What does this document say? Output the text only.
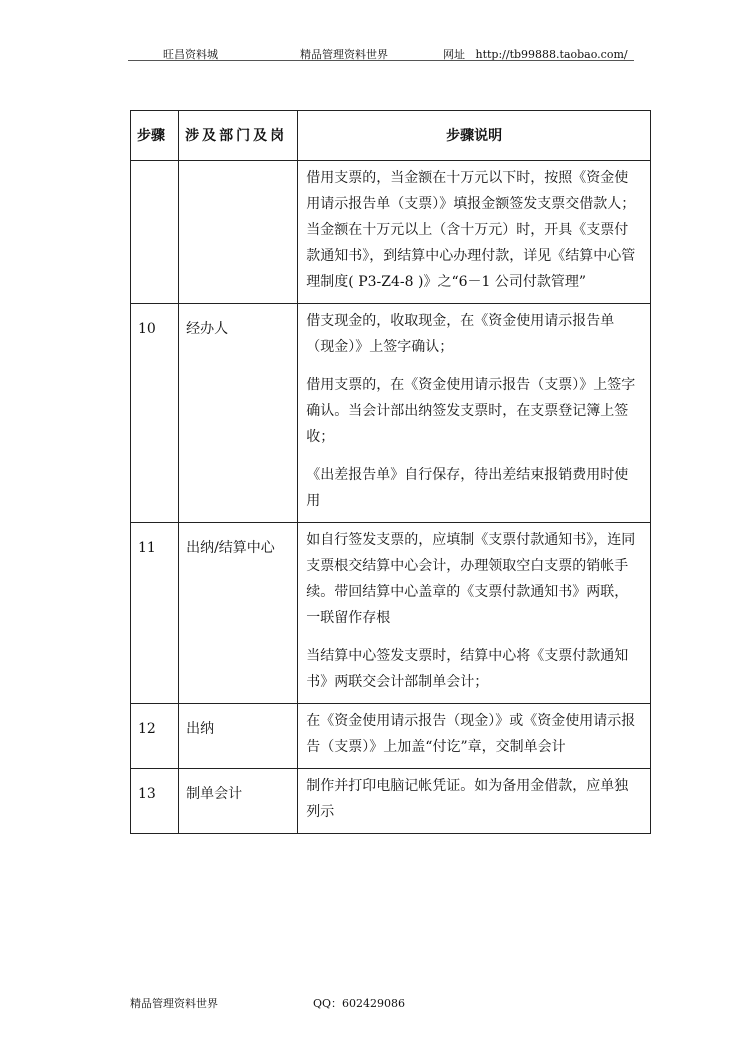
旺昌资料城	精品管理资料世界	网址 http://tb99888.taobao.com/
步骤	涉及部门及岗	步骤说明

		借用支票的，当金额在十万元以下时，按照《资金使用请示报告单（支票）》填报金额签发支票交借款人；当金额在十万元以上（含十万元）时，开具《支票付款通知书》，到结算中心办理付款，详见《结算中心管理制度( P3-Z4-8 )》之“6－1 公司付款管理”

10	经办人	借支现金的，收取现金，在《资金使用请示报告单（现金）》上签字确认；

借用支票的，在《资金使用请示报告（支票）》上签字确认。当会计部出纳签发支票时，在支票登记簿上签收；

《出差报告单》自行保存，待出差结束报销费用时使用

11	出纳/结算中心	如自行签发支票的，应填制《支票付款通知书》，连同支票根交结算中心会计，办理领取空白支票的销帐手续。带回结算中心盖章的《支票付款通知书》两联，一联留作存根

当结算中心签发支票时，结算中心将《支票付款通知书》两联交会计部制单会计；

12	出纳	在《资金使用请示报告（现金）》或《资金使用请示报告（支票）》上加盖“付讫”章，交制单会计

13	制单会计	制作并打印电脑记帐凭证。如为备用金借款，应单独列示

精品管理资料世界	QQ：602429086
